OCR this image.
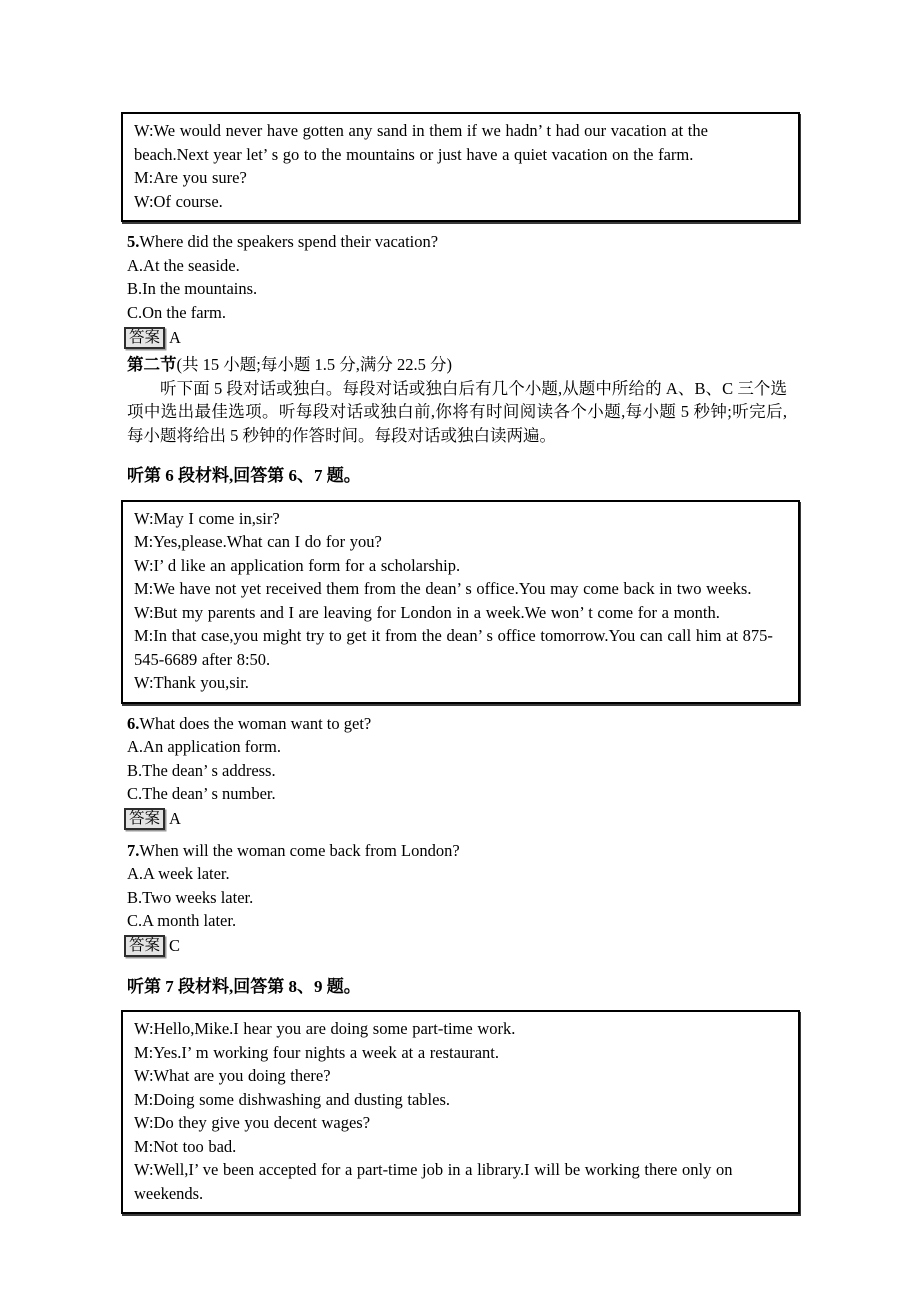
W:We would never have gotten any sand in them if we hadn’ t had our vacation at the beach.Next year let’ s go to the mountains or just have a quiet vacation on the farm.
M:Are you sure?
W:Of course.
5.Where did the speakers spend their vacation?
A.At the seaside.
B.In the mountains.
C.On the farm.
答案 A
第二节(共 15 小题;每小题 1.5 分,满分 22.5 分)
听下面 5 段对话或独白。每段对话或独白后有几个小题,从题中所给的 A、B、C 三个选项中选出最佳选项。听每段对话或独白前,你将有时间阅读各个小题,每小题 5 秒钟;听完后,每小题将给出 5 秒钟的作答时间。每段对话或独白读两遍。
听第 6 段材料,回答第 6、7 题。
W:May I come in,sir?
M:Yes,please.What can I do for you?
W:I’ d like an application form for a scholarship.
M:We have not yet received them from the dean’ s office.You may come back in two weeks.
W:But my parents and I are leaving for London in a week.We won’ t come for a month.
M:In that case,you might try to get it from the dean’ s office tomorrow.You can call him at 875-545-6689 after 8:50.
W:Thank you,sir.
6.What does the woman want to get?
A.An application form.
B.The dean’ s address.
C.The dean’ s number.
答案 A
7.When will the woman come back from London?
A.A week later.
B.Two weeks later.
C.A month later.
答案 C
听第 7 段材料,回答第 8、9 题。
W:Hello,Mike.I hear you are doing some part-time work.
M:Yes.I’ m working four nights a week at a restaurant.
W:What are you doing there?
M:Doing some dishwashing and dusting tables.
W:Do they give you decent wages?
M:Not too bad.
W:Well,I’ ve been accepted for a part-time job in a library.I will be working there only on weekends.
